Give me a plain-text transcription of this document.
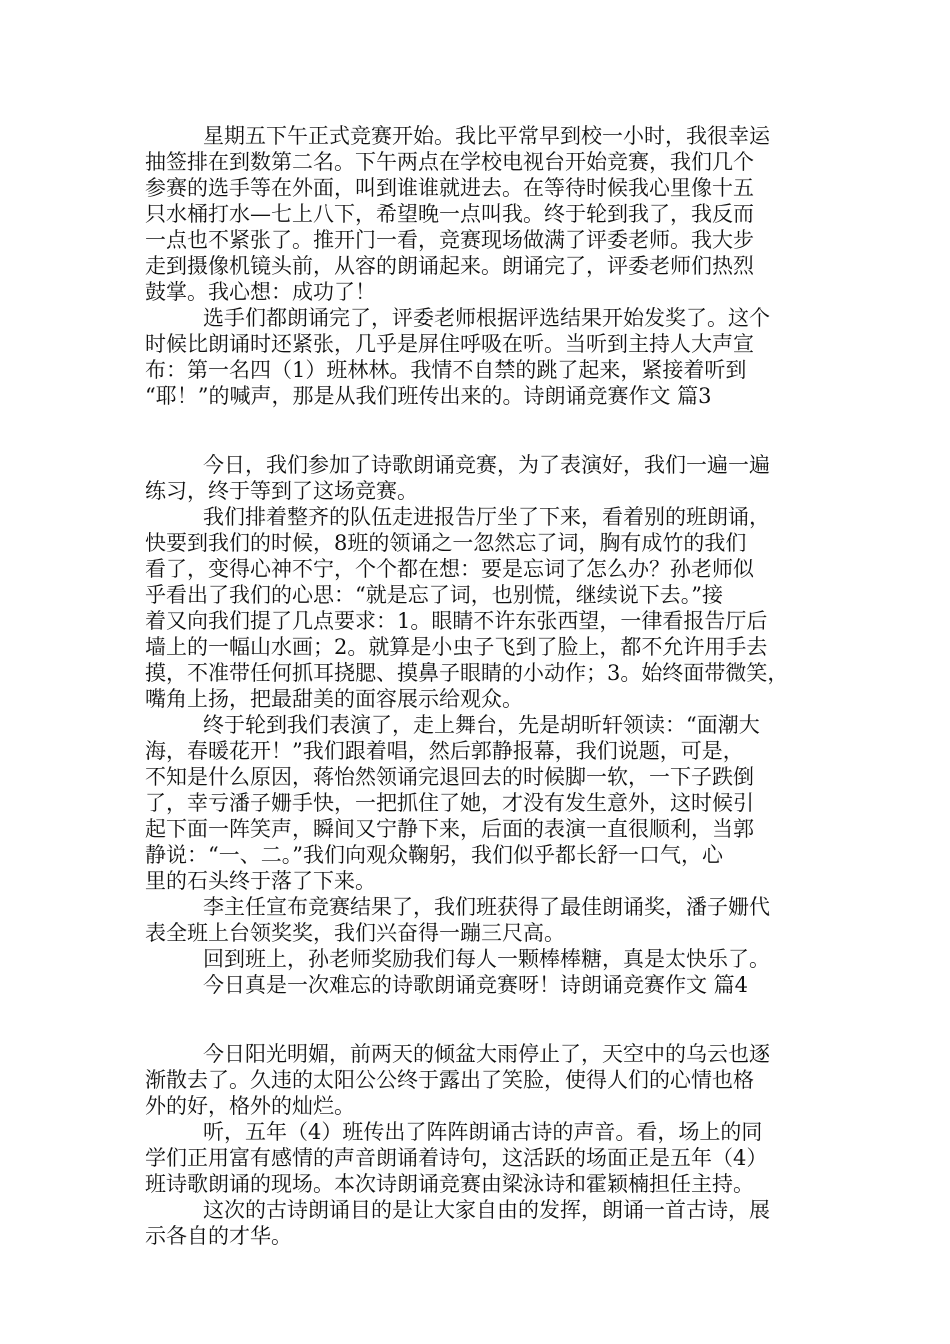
星期五下午正式竞赛开始。我比平常早到校一小时，我很幸运
抽签排在到数第二名。下午两点在学校电视台开始竞赛，我们几个
参赛的选手等在外面，叫到谁谁就进去。在等待时候我心里像十五
只水桶打水—七上八下，希望晚一点叫我。终于轮到我了，我反而
一点也不紧张了。推开门一看，竞赛现场做满了评委老师。我大步
走到摄像机镜头前，从容的朗诵起来。朗诵完了，评委老师们热烈
鼓掌。我心想：成功了！
选手们都朗诵完了，评委老师根据评选结果开始发奖了。这个
时候比朗诵时还紧张，几乎是屏住呼吸在听。当听到主持人大声宣
布：第一名四（1）班林林。我情不自禁的跳了起来，紧接着听到
“耶！”的喊声，那是从我们班传出来的。诗朗诵竞赛作文 篇3
今日，我们参加了诗歌朗诵竞赛，为了表演好，我们一遍一遍
练习，终于等到了这场竞赛。
我们排着整齐的队伍走进报告厅坐了下来，看着别的班朗诵，
快要到我们的时候，8班的领诵之一忽然忘了词，胸有成竹的我们
看了，变得心神不宁，个个都在想：要是忘词了怎么办？孙老师似
乎看出了我们的心思：“就是忘了词，也别慌，继续说下去。”接
着又向我们提了几点要求：1。眼睛不许东张西望，一律看报告厅后
墙上的一幅山水画；2。就算是小虫子飞到了脸上，都不允许用手去
摸，不准带任何抓耳挠腮、摸鼻子眼睛的小动作；3。始终面带微笑，
嘴角上扬，把最甜美的面容展示给观众。
终于轮到我们表演了，走上舞台，先是胡昕轩领读：“面潮大
海，春暖花开！”我们跟着唱，然后郭静报幕，我们说题，可是，
不知是什么原因，蒋怡然领诵完退回去的时候脚一软，一下子跌倒
了，幸亏潘子姗手快，一把抓住了她，才没有发生意外，这时候引
起下面一阵笑声，瞬间又宁静下来，后面的表演一直很顺利，当郭
静说：“一、二。”我们向观众鞠躬，我们似乎都长舒一口气，心
里的石头终于落了下来。
李主任宣布竞赛结果了，我们班获得了最佳朗诵奖，潘子姗代
表全班上台领奖奖，我们兴奋得一蹦三尺高。
回到班上，孙老师奖励我们每人一颗棒棒糖，真是太快乐了。
今日真是一次难忘的诗歌朗诵竞赛呀！诗朗诵竞赛作文 篇4
今日阳光明媚，前两天的倾盆大雨停止了，天空中的乌云也逐
渐散去了。久违的太阳公公终于露出了笑脸，使得人们的心情也格
外的好，格外的灿烂。
听，五年（4）班传出了阵阵朗诵古诗的声音。看，场上的同
学们正用富有感情的声音朗诵着诗句，这活跃的场面正是五年（4）
班诗歌朗诵的现场。本次诗朗诵竞赛由梁泳诗和霍颖楠担任主持。
这次的古诗朗诵目的是让大家自由的发挥，朗诵一首古诗，展
示各自的才华。
